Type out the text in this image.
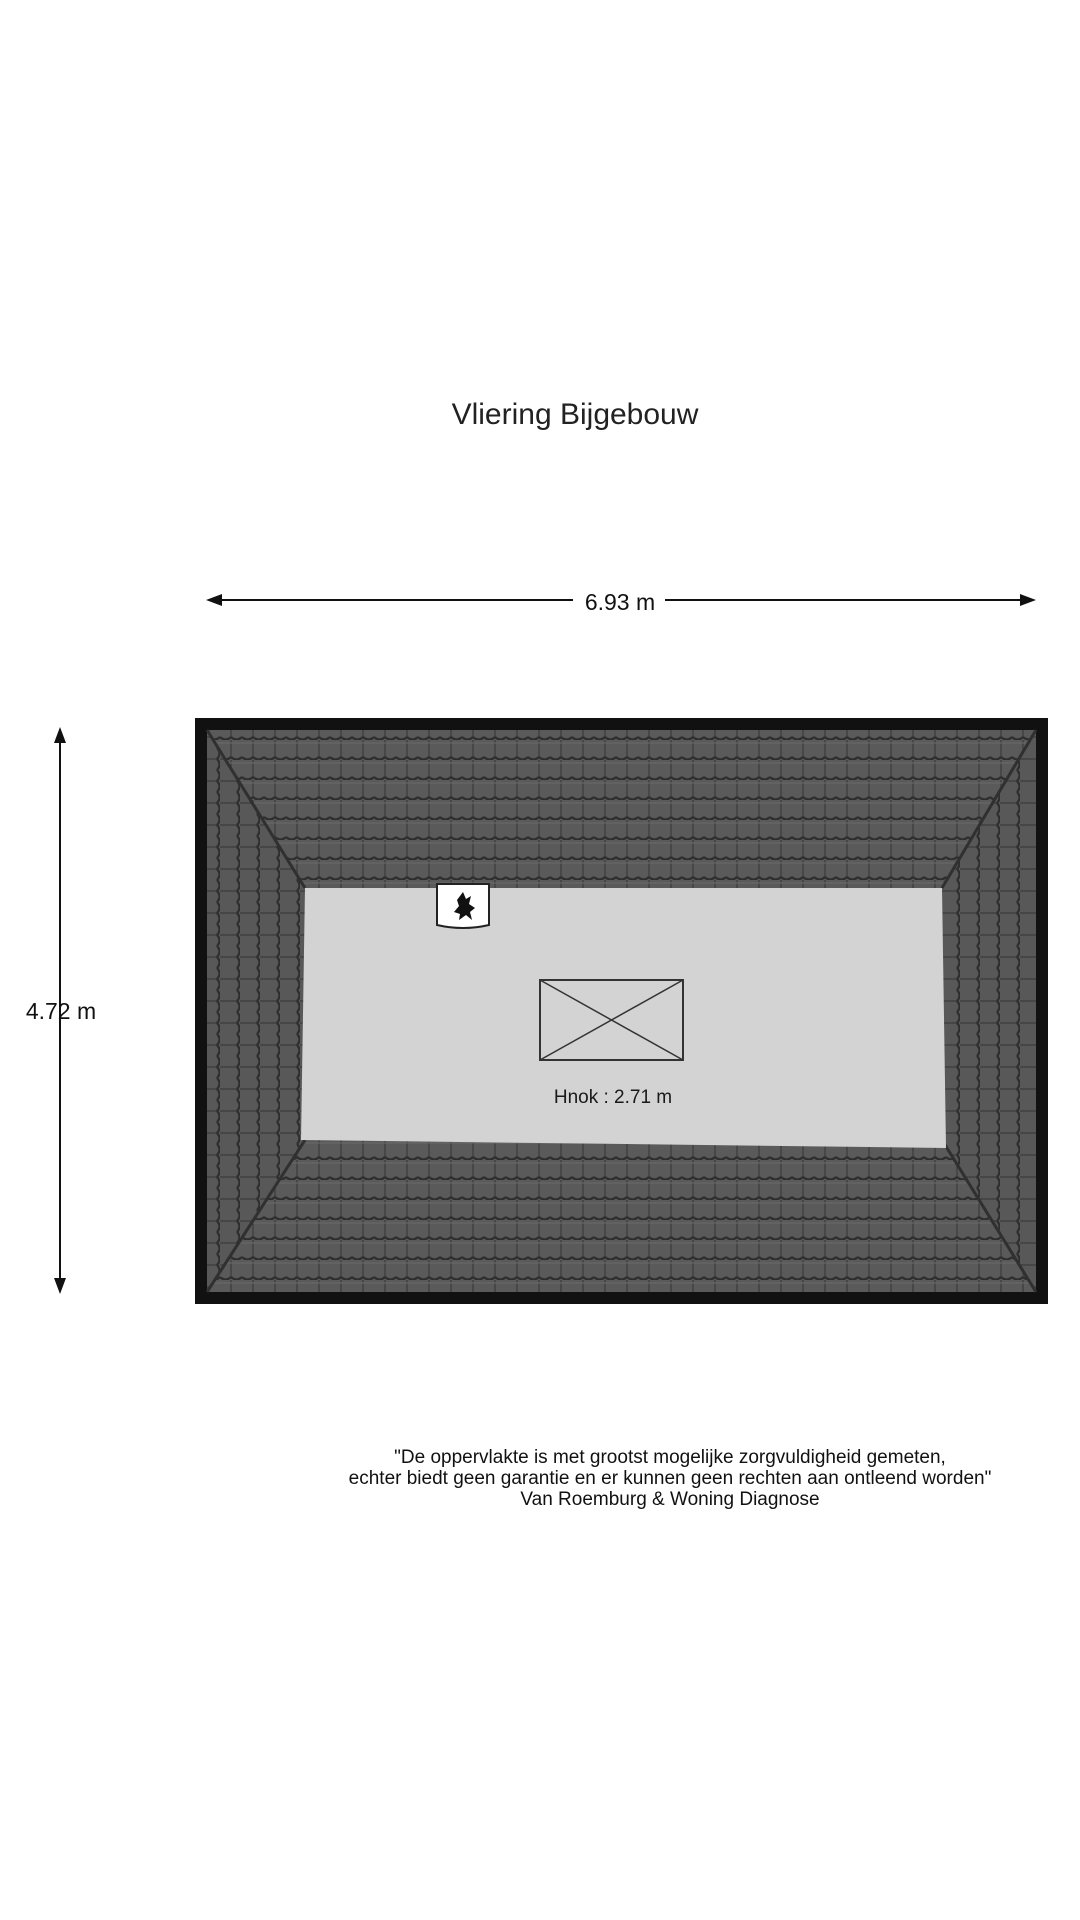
Vliering Bijgebouw
6.93 m
4.72 m
Hnok : 2.71 m
"De oppervlakte is met grootst mogelijke zorgvuldigheid gemeten,
echter biedt geen garantie en er kunnen geen rechten aan ontleend worden"
Van Roemburg & Woning Diagnose
